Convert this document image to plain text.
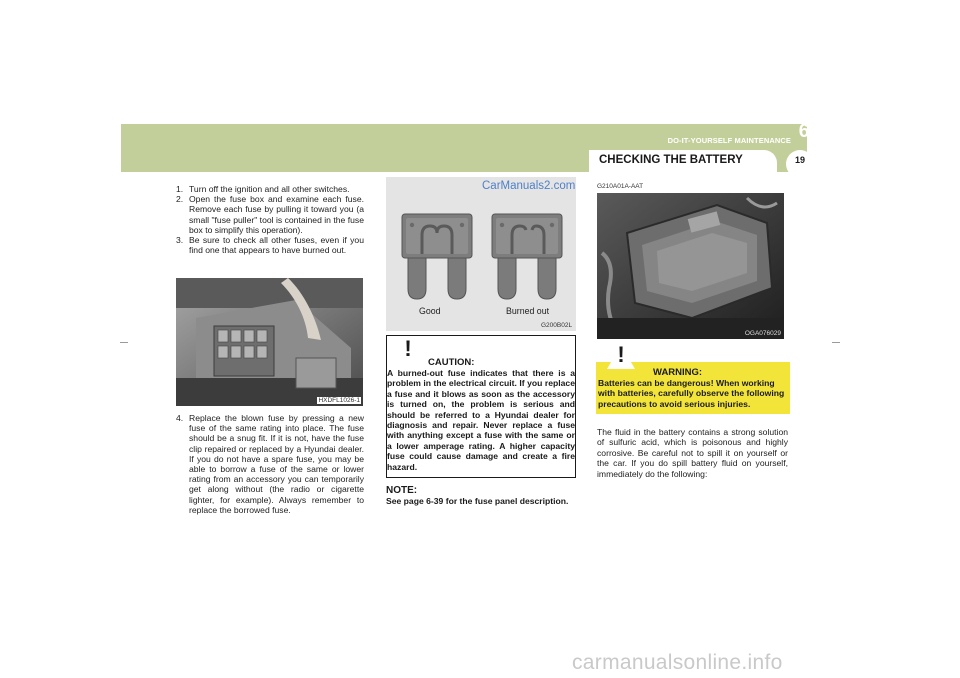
DO-IT-YOURSELF MAINTENANCE 6
CHECKING THE BATTERY	19
1. Turn off the ignition and all other switches.
2. Open the fuse box and examine each fuse. Remove each fuse by pulling it toward you (a small "fuse puller" tool is contained in the fuse box to simplify this operation).
3. Be sure to check all other fuses, even if you find one that appears to have burned out.
HXDFL1026-1
4. Replace the blown fuse by pressing a new fuse of the same rating into place. The fuse should be a snug fit. If it is not, have the fuse clip repaired or replaced by a Hyundai dealer. If you do not have a spare fuse, you may be able to borrow a fuse of the same or lower rating from an accessory you can temporarily get along without (the radio or cigarette lighter, for example). Always remember to replace the borrowed fuse.
CarManuals2.com
Good	Burned out
G200B02L
!
CAUTION:
A burned-out fuse indicates that there is a problem in the electrical circuit. If you replace a fuse and it blows as soon as the accessory is turned on, the problem is serious and should be referred to a Hyundai dealer for diagnosis and repair. Never replace a fuse with anything except a fuse with the same or a lower amperage rating. A higher capacity fuse could cause damage and create a fire hazard.
NOTE:
See page 6-39 for the fuse panel description.
G210A01A-AAT
OGA076029
!
WARNING:
Batteries can be dangerous! When working with batteries, carefully observe the following precautions to avoid serious injuries.
The fluid in the battery contains a strong solution of sulfuric acid, which is poisonous and highly corrosive. Be careful not to spill it on yourself or the car. If you do spill battery fluid on yourself, immediately do the following:
carmanualsonline.info
